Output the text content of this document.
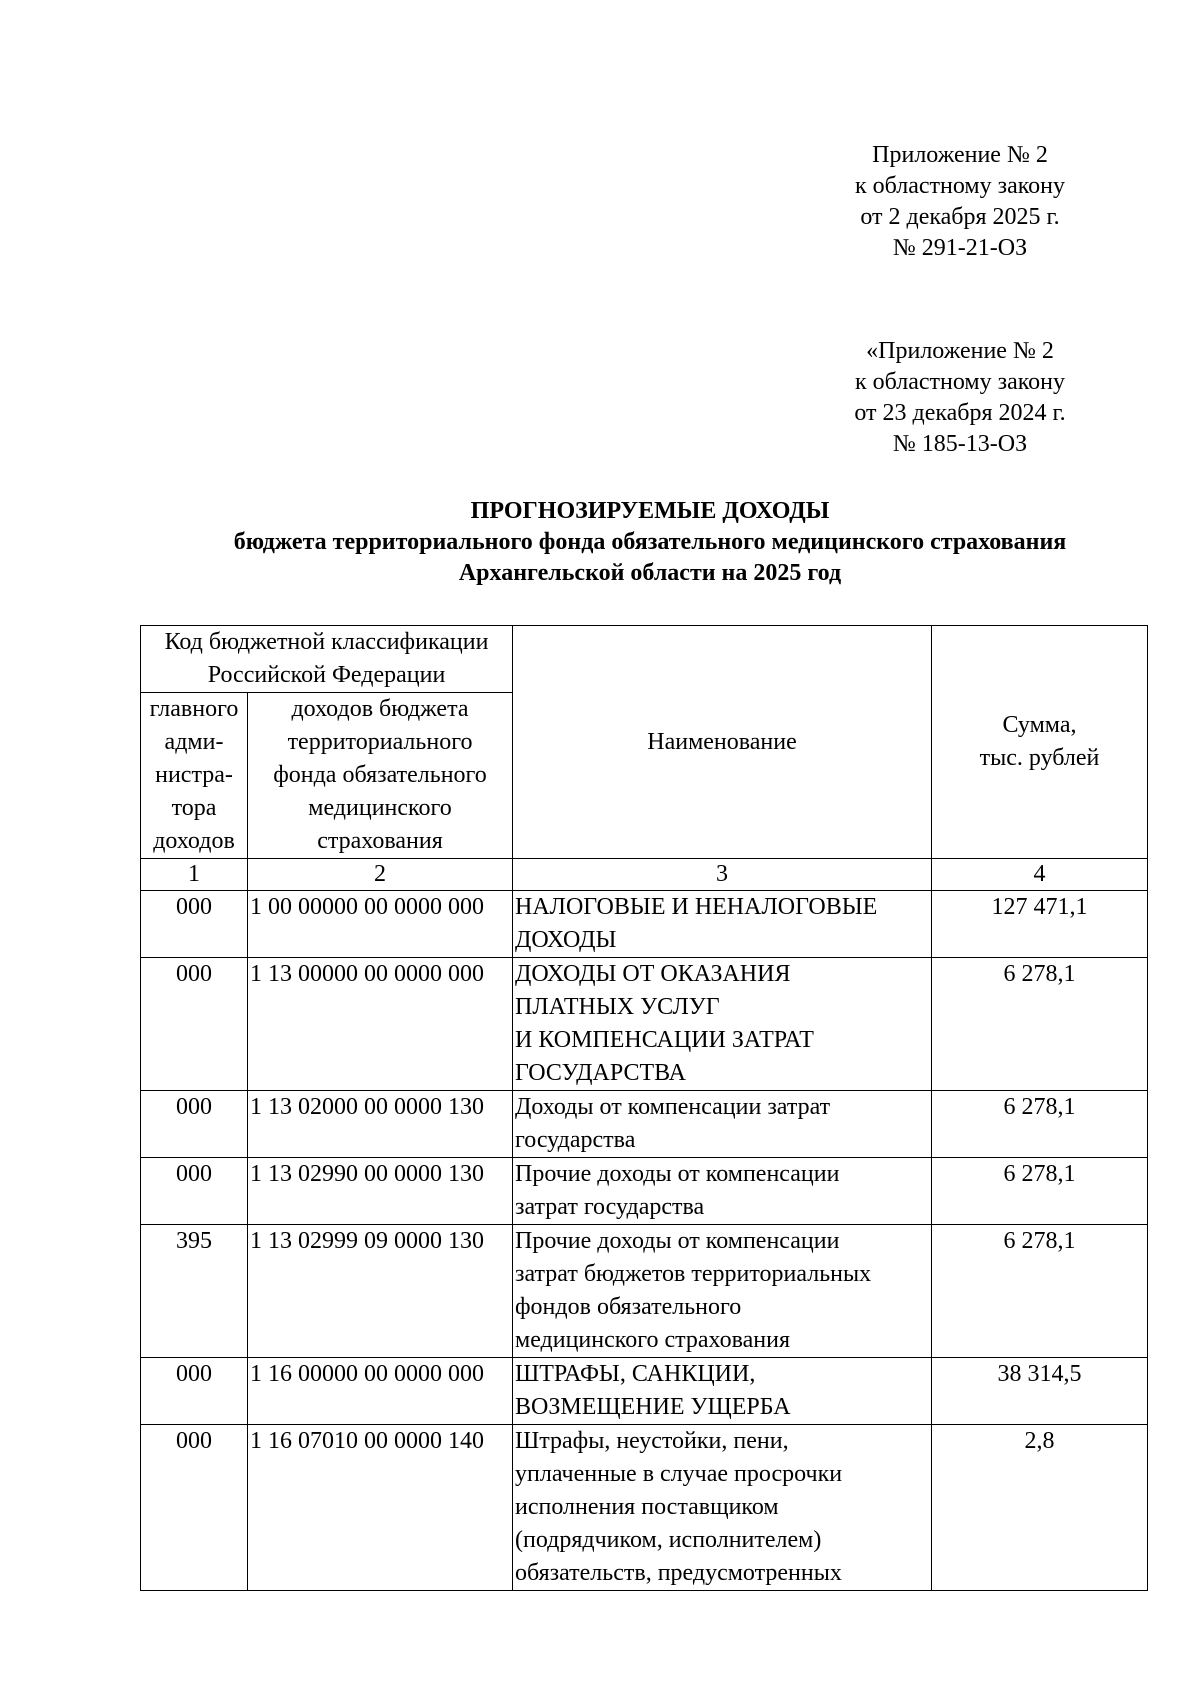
Приложение № 2
к областному закону
от 2 декабря 2025 г.
№ 291-21-ОЗ
«Приложение № 2
к областному закону
от 23 декабря 2024 г.
№ 185-13-ОЗ
ПРОГНОЗИРУЕМЫЕ ДОХОДЫ
бюджета территориального фонда обязательного медицинского страхования
Архангельской области на 2025 год
Код бюджетной классификации Российской Федерации		Наименование	Сумма,
тыс. рублей

главного
адми-
нистра-
тора
доходов	доходов бюджета
территориального
фонда обязательного
медицинского
страхования		

1	2	3	4
000	1 00 00000 00 0000 000	НАЛОГОВЫЕ И НЕНАЛОГОВЫЕ
ДОХОДЫ	127 471,1
000	1 13 00000 00 0000 000	ДОХОДЫ ОТ ОКАЗАНИЯ
ПЛАТНЫХ УСЛУГ
И КОМПЕНСАЦИИ ЗАТРАТ
ГОСУДАРСТВА	6 278,1
000	1 13 02000 00 0000 130	Доходы от компенсации затрат
государства	6 278,1
000	1 13 02990 00 0000 130	Прочие доходы от компенсации
затрат государства	6 278,1
395	1 13 02999 09 0000 130	Прочие доходы от компенсации
затрат бюджетов территориальных
фондов обязательного
медицинского страхования	6 278,1
000	1 16 00000 00 0000 000	ШТРАФЫ, САНКЦИИ,
ВОЗМЕЩЕНИЕ УЩЕРБА	38 314,5
000	1 16 07010 00 0000 140	Штрафы, неустойки, пени,
уплаченные в случае просрочки
исполнения поставщиком
(подрядчиком, исполнителем)
обязательств, предусмотренных	2,8
